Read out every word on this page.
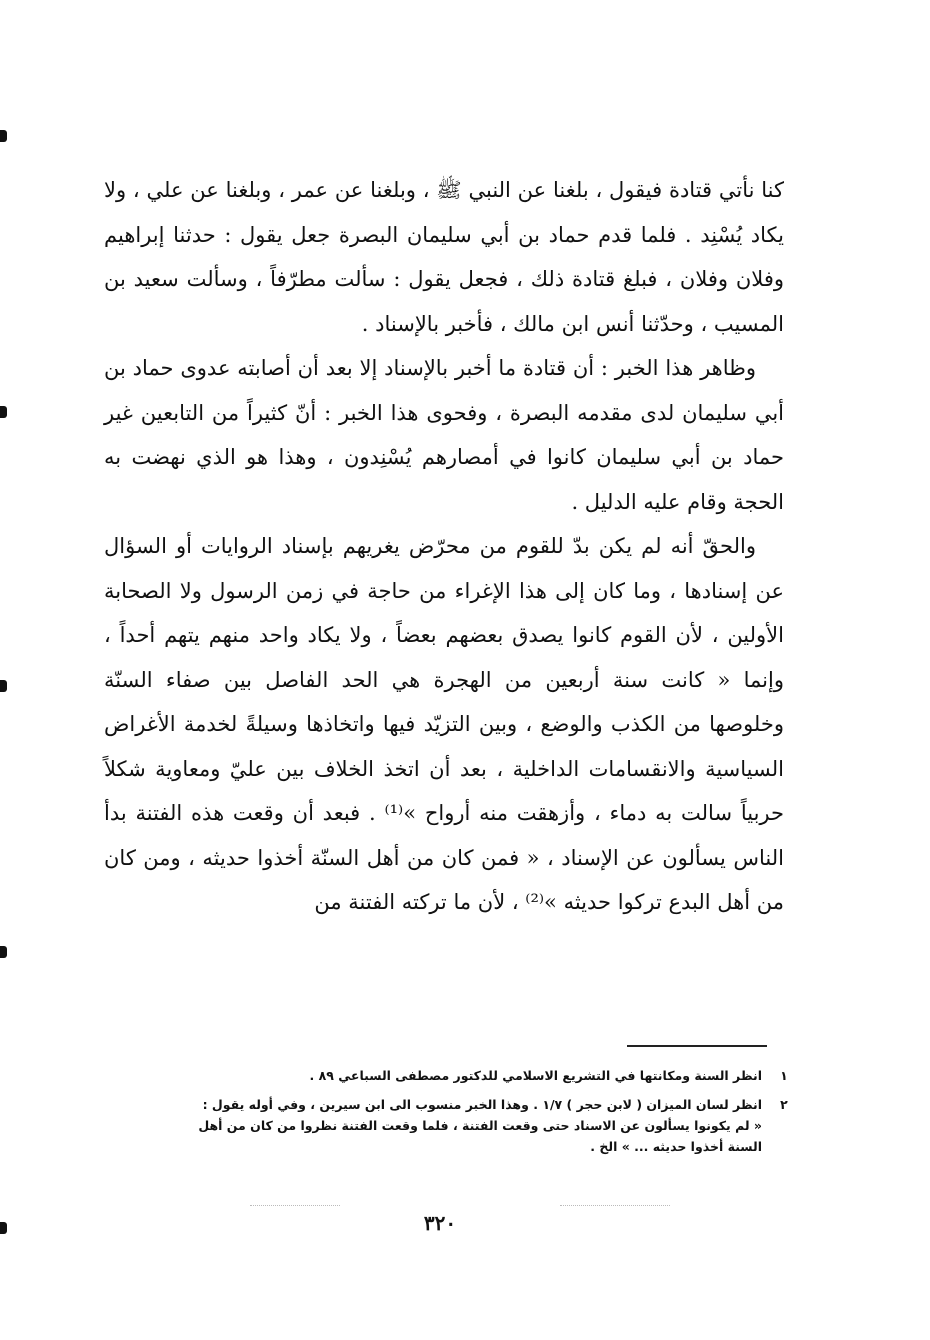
كنا نأتي قتادة فيقول ، بلغنا عن النبي ﷺ ، وبلغنا عن عمر ، وبلغنا عن علي ، ولا يكاد يُسْنِد . فلما قدم حماد بن أبي سليمان البصرة جعل يقول : حدثنا إبراهيم وفلان وفلان ، فبلغ قتادة ذلك ، فجعل يقول : سألت مطرّفاً ، وسألت سعيد بن المسيب ، وحدّثنا أنس ابن مالك ، فأخبر بالإسناد .

وظاهر هذا الخبر : أن قتادة ما أخبر بالإسناد إلا بعد أن أصابته عدوى حماد بن أبي سليمان لدى مقدمه البصرة ، وفحوى هذا الخبر : أنّ كثيراً من التابعين غير حماد بن أبي سليمان كانوا في أمصارهم يُسْنِدون ، وهذا هو الذي نهضت به الحجة وقام عليه الدليل .

والحقّ أنه لم يكن بدّ للقوم من محرّض يغريهم بإسناد الروايات أو السؤال عن إسنادها ، وما كان إلى هذا الإغراء من حاجة في زمن الرسول ولا الصحابة الأولين ، لأن القوم كانوا يصدق بعضهم بعضاً ، ولا يكاد واحد منهم يتهم أحداً ، وإنما « كانت سنة أربعين من الهجرة هي الحد الفاصل بين صفاء السنّة وخلوصها من الكذب والوضع ، وبين التزيّد فيها واتخاذها وسيلةً لخدمة الأغراض السياسية والانقسامات الداخلية ، بعد أن اتخذ الخلاف بين عليّ ومعاوية شكلاً حربياً سالت به دماء ، وأزهقت منه أرواح »⁽¹⁾ . فبعد أن وقعت هذه الفتنة بدأ الناس يسألون عن الإسناد ، « فمن كان من أهل السنّة أخذوا حديثه ، ومن كان من أهل البدع تركوا حديثه »⁽²⁾ ، لأن ما تركته الفتنة من

١
انظر السنة ومكانتها في التشريع الاسلامي للدكتور مصطفى السباعي ٨٩ .
٢
انظر لسان الميزان ( لابن حجر ) ١/٧ . وهذا الخبر منسوب الى ابن سيرين ، وفي أوله يقول :
« لم يكونوا يسألون عن الاسناد حتى وقعت الفتنة ، فلما وقعت الفتنة نظروا من كان من أهل
السنة أخذوا حديثه ... » الخ .
٣٢٠
